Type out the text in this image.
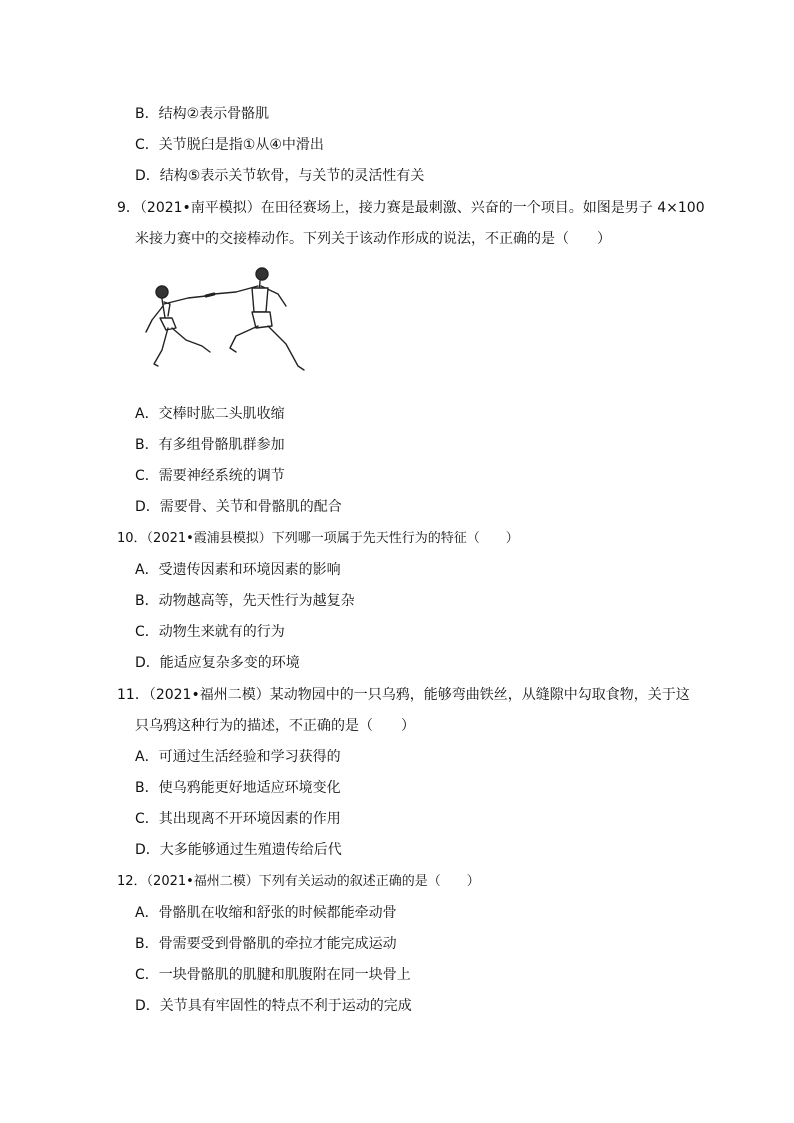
B．结构②表示骨骼肌
C．关节脱臼是指①从④中滑出
D．结构⑤表示关节软骨，与关节的灵活性有关
9．（2021•南平模拟）在田径赛场上，接力赛是最刺激、兴奋的一个项目。如图是男子 4×100
米接力赛中的交接棒动作。下列关于该动作形成的说法，不正确的是（　　）
A．交棒时肱二头肌收缩
B．有多组骨骼肌群参加
C．需要神经系统的调节
D．需要骨、关节和骨骼肌的配合
10．（2021•霞浦县模拟）下列哪一项属于先天性行为的特征（　　）
A．受遗传因素和环境因素的影响
B．动物越高等，先天性行为越复杂
C．动物生来就有的行为
D．能适应复杂多变的环境
11．（2021•福州二模）某动物园中的一只乌鸦，能够弯曲铁丝，从缝隙中勾取食物，关于这
只乌鸦这种行为的描述，不正确的是（　　）
A．可通过生活经验和学习获得的
B．使乌鸦能更好地适应环境变化
C．其出现离不开环境因素的作用
D．大多能够通过生殖遗传给后代
12．（2021•福州二模）下列有关运动的叙述正确的是（　　）
A．骨骼肌在收缩和舒张的时候都能牵动骨
B．骨需要受到骨骼肌的牵拉才能完成运动
C．一块骨骼肌的肌腱和肌腹附在同一块骨上
D．关节具有牢固性的特点不利于运动的完成
